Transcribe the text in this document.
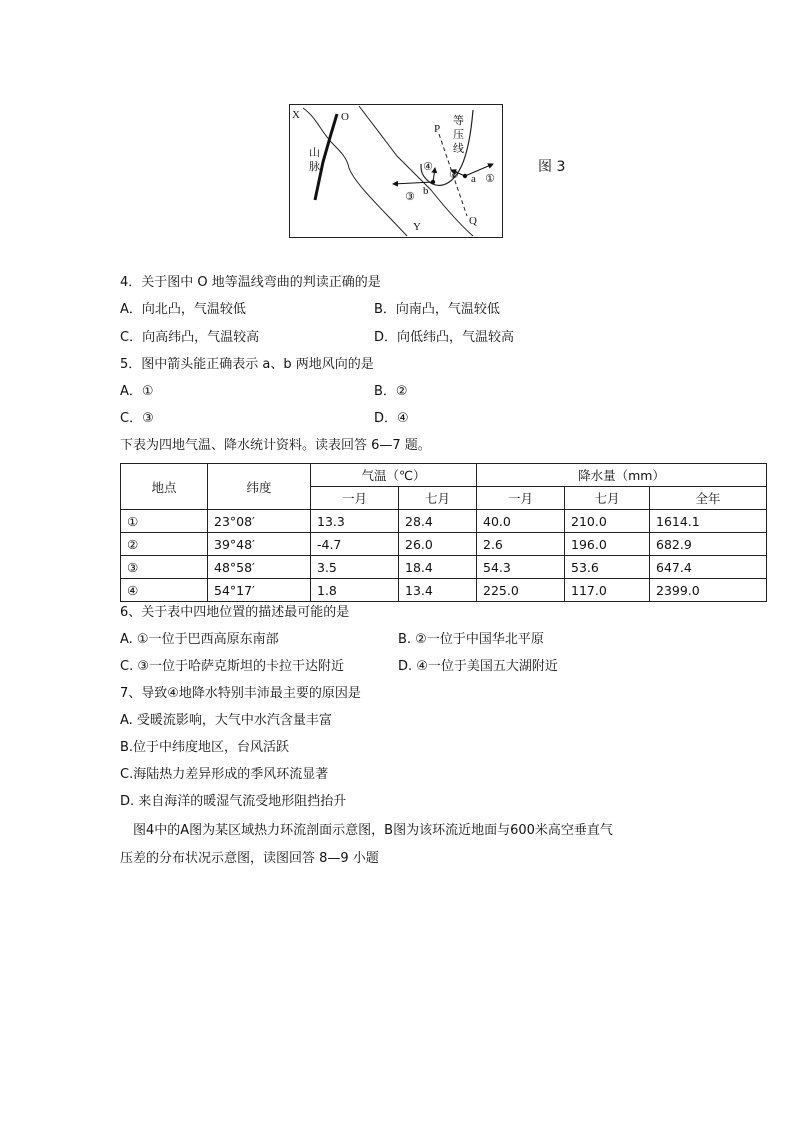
X	O
P
Y	Q
a
b
山
脉
等
压
线
①
②
③
④	图 3
4．关于图中 O 地等温线弯曲的判读正确的是
A．向北凸，气温较低	B．向南凸，气温较低
C．向高纬凸，气温较高	D．向低纬凸，气温较高
5．图中箭头能正确表示 a、b 两地风向的是
A．①	B．②
C．③	D．④
下表为四地气温、降水统计资料。读表回答 6—7 题。
地点	纬度	气温（℃）		降水量（mm）		
		一月	七月	一月	七月	全年
①	23°08′	13.3	28.4	40.0	210.0	1614.1
②	39°48′	-4.7	26.0	2.6	196.0	682.9
③	48°58′	3.5	18.4	54.3	53.6	647.4
④	54°17′	1.8	13.4	225.0	117.0	2399.0
6、关于表中四地位置的描述最可能的是
A. ①一位于巴西高原东南部	B. ②一位于中国华北平原
C. ③一位于哈萨克斯坦的卡拉干达附近	D. ④一位于美国五大湖附近
7、导致④地降水特别丰沛最主要的原因是
A. 受暖流影响，大气中水汽含量丰富
B.位于中纬度地区，台风活跃
C.海陆热力差异形成的季风环流显著
D. 来自海洋的暖湿气流受地形阻挡抬升
图4中的A图为某区域热力环流剖面示意图，B图为该环流近地面与600米高空垂直气
压差的分布状况示意图，读图回答 8—9 小题
